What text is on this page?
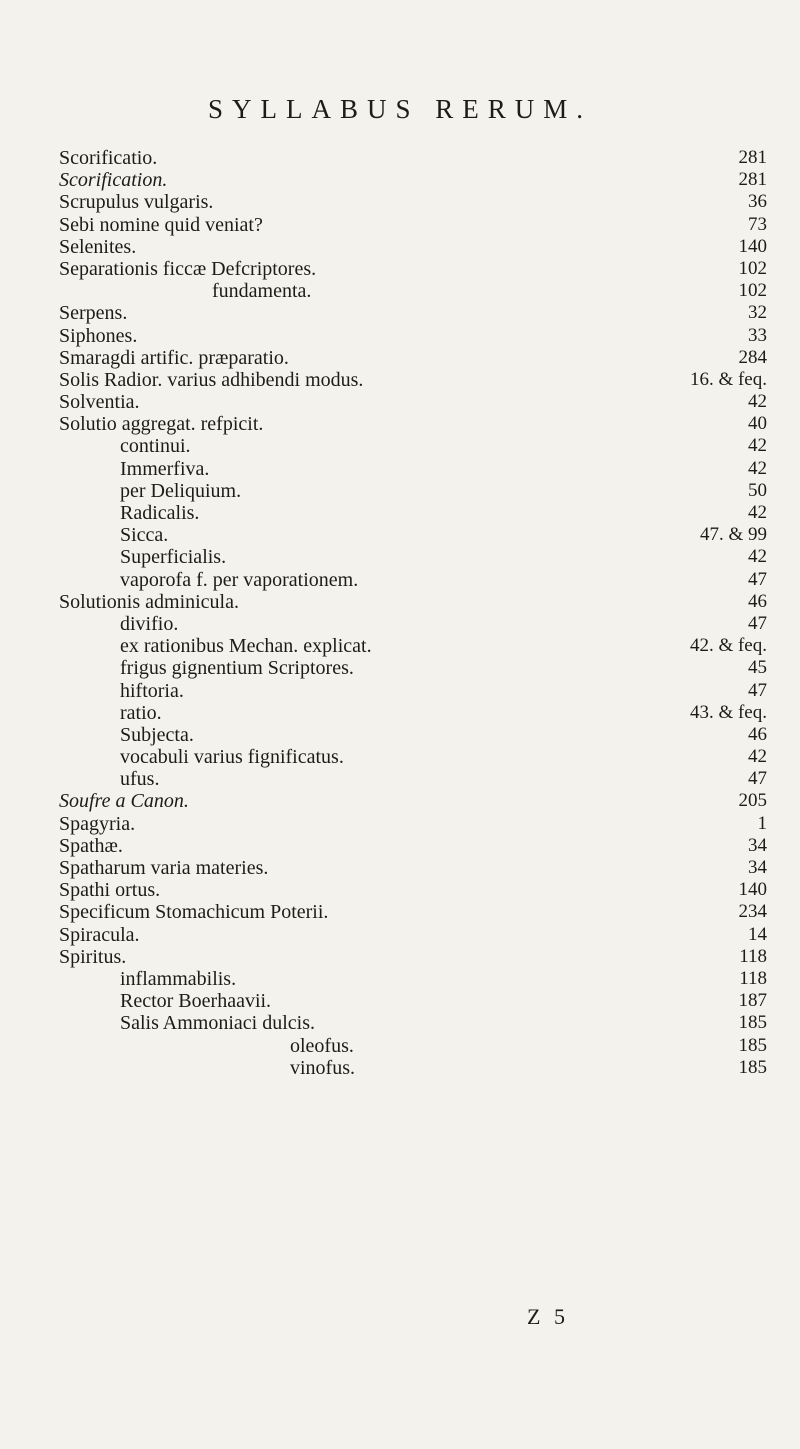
SYLLABUS RERUM.
Scorificatio.	281
Scorification.	281
Scrupulus vulgaris.	36
Sebi nomine quid veniat?	73
Selenites.	140
Separationis ficcæ Defcriptores.	102
fundamenta.	102
Serpens.	32
Siphones.	33
Smaragdi artific. præparatio.	284
Solis Radior. varius adhibendi modus.	16. & feq.
Solventia.	42
Solutio aggregat. refpicit.	40
continui.	42
Immerfiva.	42
per Deliquium.	50
Radicalis.	42
Sicca.	47. & 99
Superficialis.	42
vaporofa f. per vaporationem.	47
Solutionis adminicula.	46
divifio.	47
ex rationibus Mechan. explicat.	42. & feq.
frigus gignentium Scriptores.	45
hiftoria.	47
ratio.	43. & feq.
Subjecta.	46
vocabuli varius fignificatus.	42
ufus.	47
Soufre a Canon.	205
Spagyria.	1
Spathæ.	34
Spatharum varia materies.	34
Spathi ortus.	140
Specificum Stomachicum Poterii.	234
Spiracula.	14
Spiritus.	118
inflammabilis.	118
Rector Boerhaavii.	187
Salis Ammoniaci dulcis.	185
oleofus.	185
vinofus.	185
Z 5
